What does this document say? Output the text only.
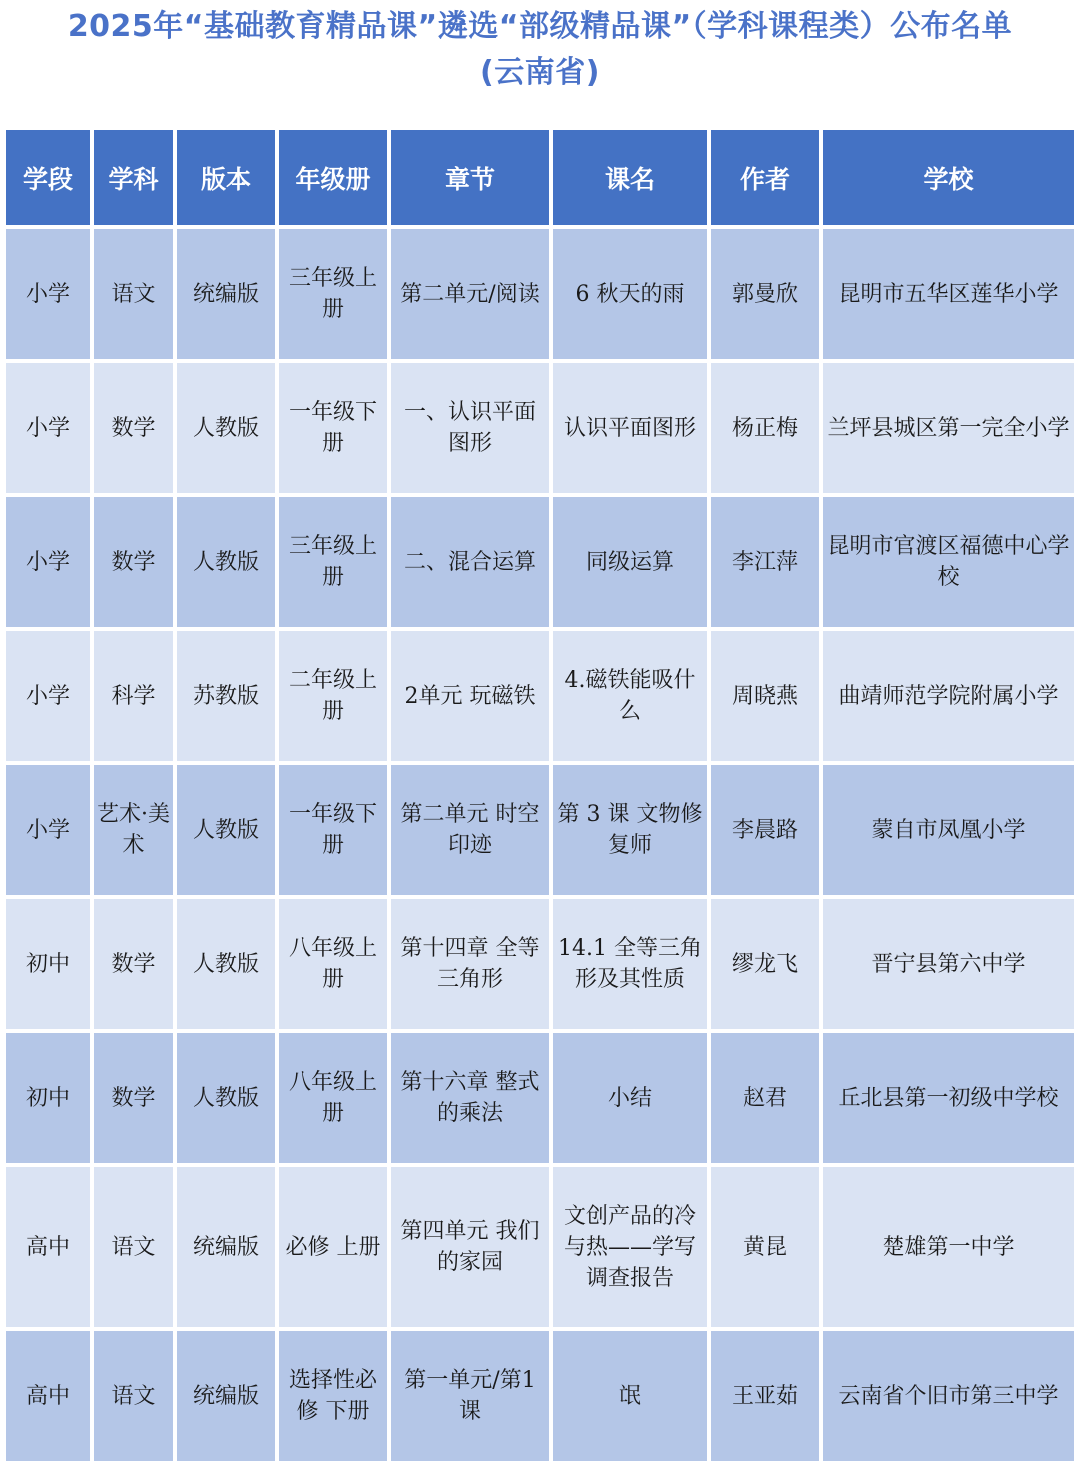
2025年“基础教育精品课”遴选“部级精品课”（学科课程类）公布名单
(云南省)
学段	学科	版本	年级册	章节	课名	作者	学校
小学	语文	统编版	三年级上册	第二单元/阅读	6 秋天的雨	郭曼欣	昆明市五华区莲华小学
小学	数学	人教版	一年级下册	一、认识平面图形	认识平面图形	杨正梅	兰坪县城区第一完全小学
小学	数学	人教版	三年级上册	二、混合运算	同级运算	李江萍	昆明市官渡区福德中心学校
小学	科学	苏教版	二年级上册	2单元 玩磁铁	4.磁铁能吸什么	周晓燕	曲靖师范学院附属小学
小学	艺术·美术	人教版	一年级下册	第二单元 时空印迹	第 3 课 文物修复师	李晨路	蒙自市凤凰小学
初中	数学	人教版	八年级上册	第十四章 全等三角形	14.1 全等三角形及其性质	缪龙飞	晋宁县第六中学
初中	数学	人教版	八年级上册	第十六章 整式的乘法	小结	赵君	丘北县第一初级中学校
高中	语文	统编版	必修 上册	第四单元 我们的家园	文创产品的冷与热——学写调查报告	黄昆	楚雄第一中学
高中	语文	统编版	选择性必修 下册	第一单元/第1课	氓	王亚茹	云南省个旧市第三中学
